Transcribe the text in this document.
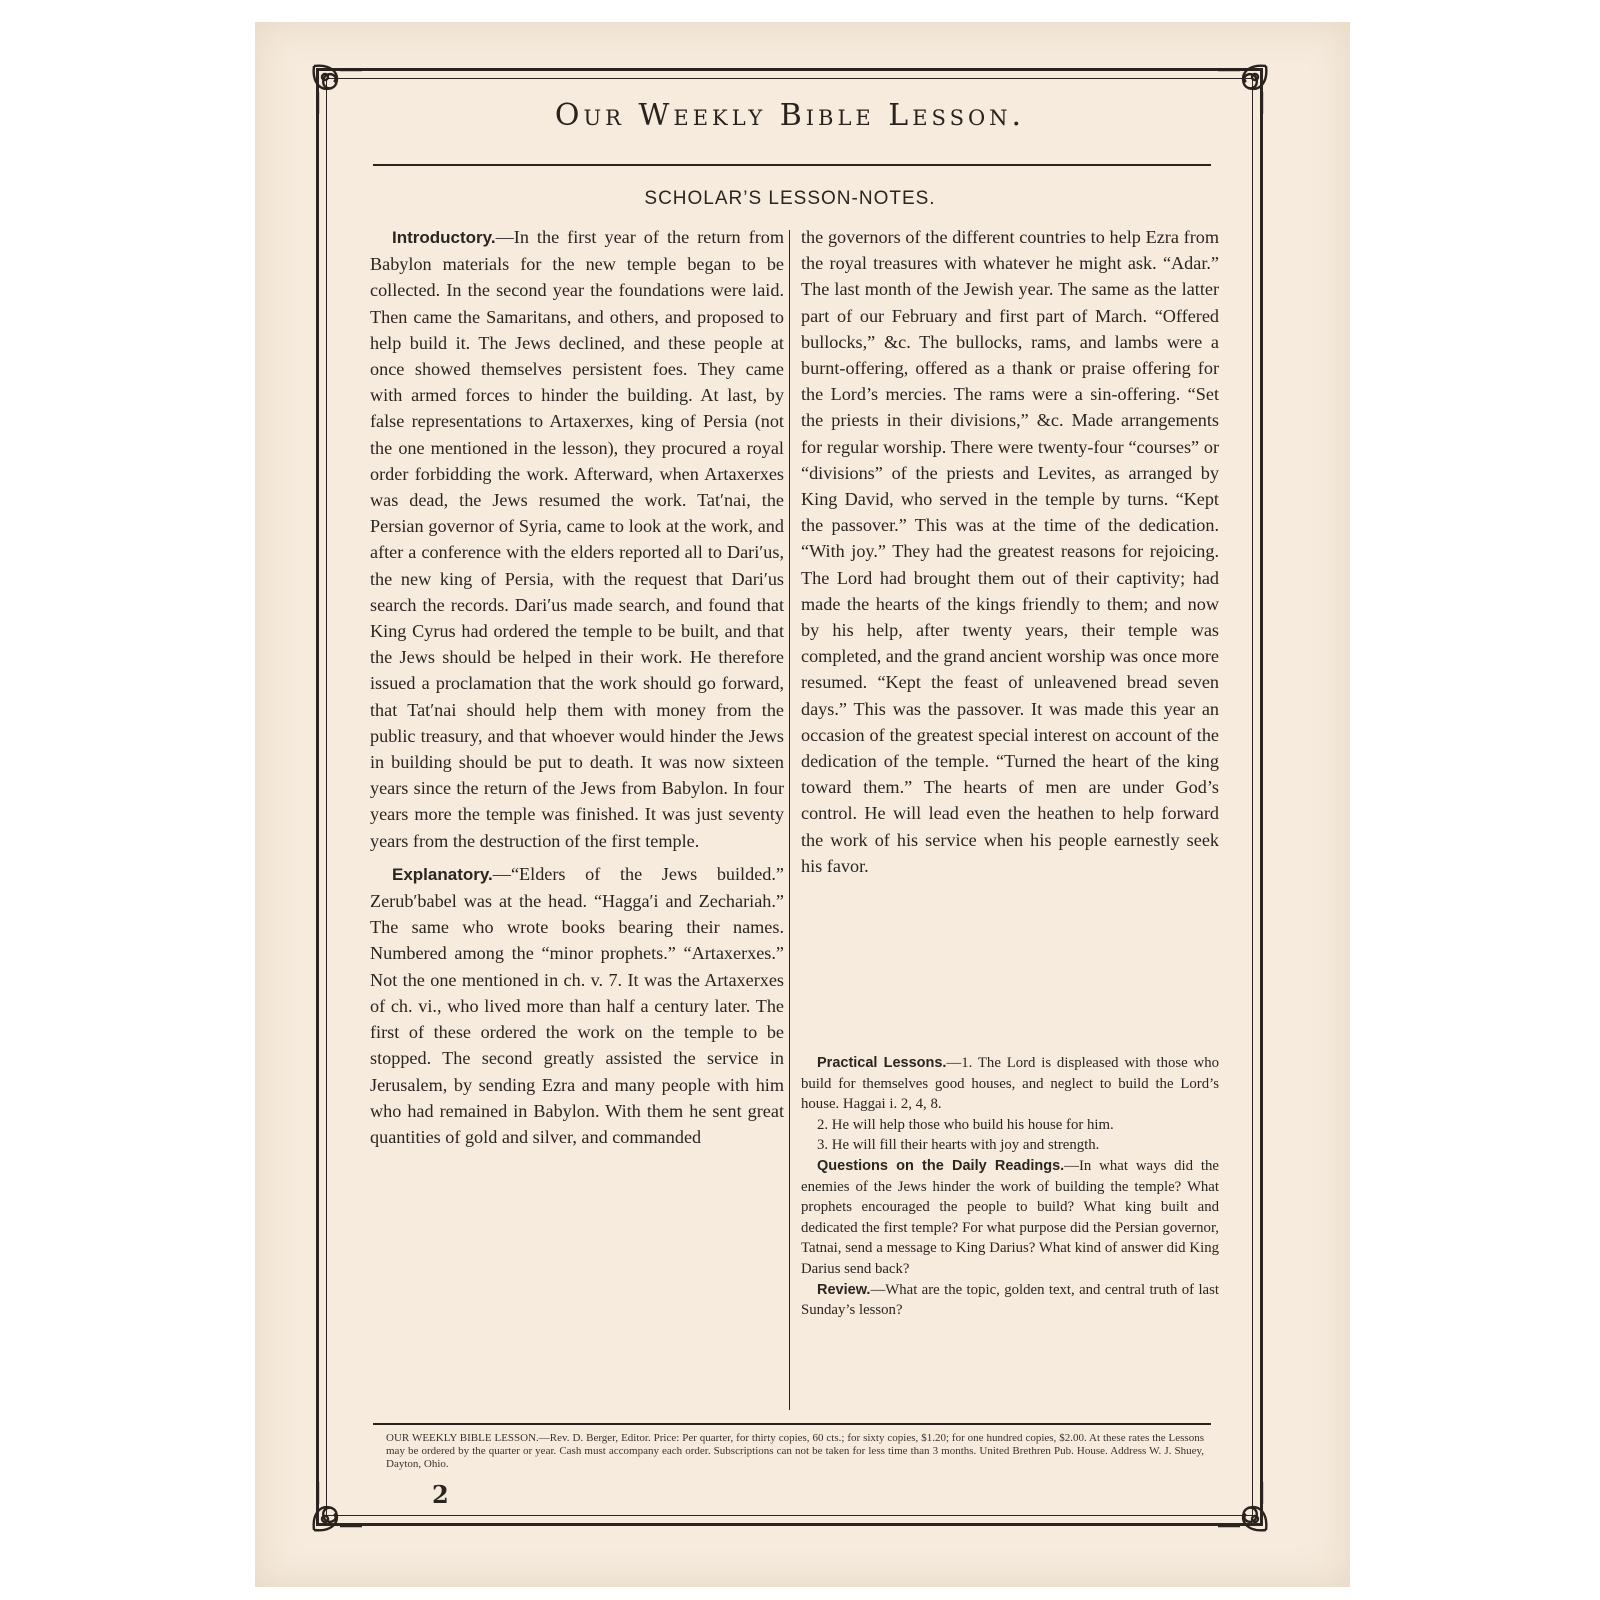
Our Weekly Bible Lesson.
SCHOLAR’S LESSON-NOTES.

Introductory.—In the first year of the return from Babylon materials for the new temple began to be collected. In the second year the foundations were laid. Then came the Samaritans, and others, and proposed to help build it. The Jews declined, and these people at once showed themselves persistent foes. They came with armed forces to hinder the building. At last, by false representations to Artaxerxes, king of Persia (not the one mentioned in the lesson), they procured a royal order forbidding the work. Afterward, when Artaxerxes was dead, the Jews resumed the work. Tat′nai, the Persian governor of Syria, came to look at the work, and after a conference with the elders reported all to Dari′us, the new king of Persia, with the request that Dari′us search the records. Dari′us made search, and found that King Cyrus had ordered the temple to be built, and that the Jews should be helped in their work. He therefore issued a proclamation that the work should go forward, that Tat′nai should help them with money from the public treasury, and that whoever would hinder the Jews in building should be put to death. It was now sixteen years since the return of the Jews from Babylon. In four years more the temple was finished. It was just seventy years from the destruction of the first temple.

Explanatory.—“Elders of the Jews builded.” Zerub′babel was at the head. “Hagga′i and Zechariah.” The same who wrote books bearing their names. Numbered among the “minor prophets.” “Artaxerxes.” Not the one mentioned in ch. v. 7. It was the Artaxerxes of ch. vi., who lived more than half a century later. The first of these ordered the work on the temple to be stopped. The second greatly assisted the service in Jerusalem, by sending Ezra and many people with him who had remained in Babylon. With them he sent great quantities of gold and silver, and commanded

the governors of the different countries to help Ezra from the royal treasures with whatever he might ask. “Adar.” The last month of the Jewish year. The same as the latter part of our February and first part of March. “Offered bullocks,” &c. The bullocks, rams, and lambs were a burnt-offering, offered as a thank or praise offering for the Lord’s mercies. The rams were a sin-offering. “Set the priests in their divisions,” &c. Made arrangements for regular worship. There were twenty-four “courses” or “divisions” of the priests and Levites, as arranged by King David, who served in the temple by turns. “Kept the passover.” This was at the time of the dedication. “With joy.” They had the greatest reasons for rejoicing. The Lord had brought them out of their captivity; had made the hearts of the kings friendly to them; and now by his help, after twenty years, their temple was completed, and the grand ancient worship was once more resumed. “Kept the feast of unleavened bread seven days.” This was the passover. It was made this year an occasion of the greatest special interest on account of the dedication of the temple. “Turned the heart of the king toward them.” The hearts of men are under God’s control. He will lead even the heathen to help forward the work of his service when his people earnestly seek his favor.

Practical Lessons.—1. The Lord is displeased with those who build for themselves good houses, and neglect to build the Lord’s house. Haggai i. 2, 4, 8.

2. He will help those who build his house for him.

3. He will fill their hearts with joy and strength.

Questions on the Daily Readings.—In what ways did the enemies of the Jews hinder the work of building the temple? What prophets encouraged the people to build? What king built and dedicated the first temple? For what purpose did the Persian governor, Tatnai, send a message to King Darius? What kind of answer did King Darius send back?

Review.—What are the topic, golden text, and central truth of last Sunday’s lesson?

OUR WEEKLY BIBLE LESSON.—Rev. D. Berger, Editor. Price: Per quarter, for thirty copies, 60 cts.; for sixty copies, $1.20; for one hundred copies, $2.00. At these rates the Lessons may be ordered by the quarter or year. Cash must accompany each order. Subscriptions can not be taken for less time than 3 months. United Brethren Pub. House. Address W. J. Shuey, Dayton, Ohio.

2
